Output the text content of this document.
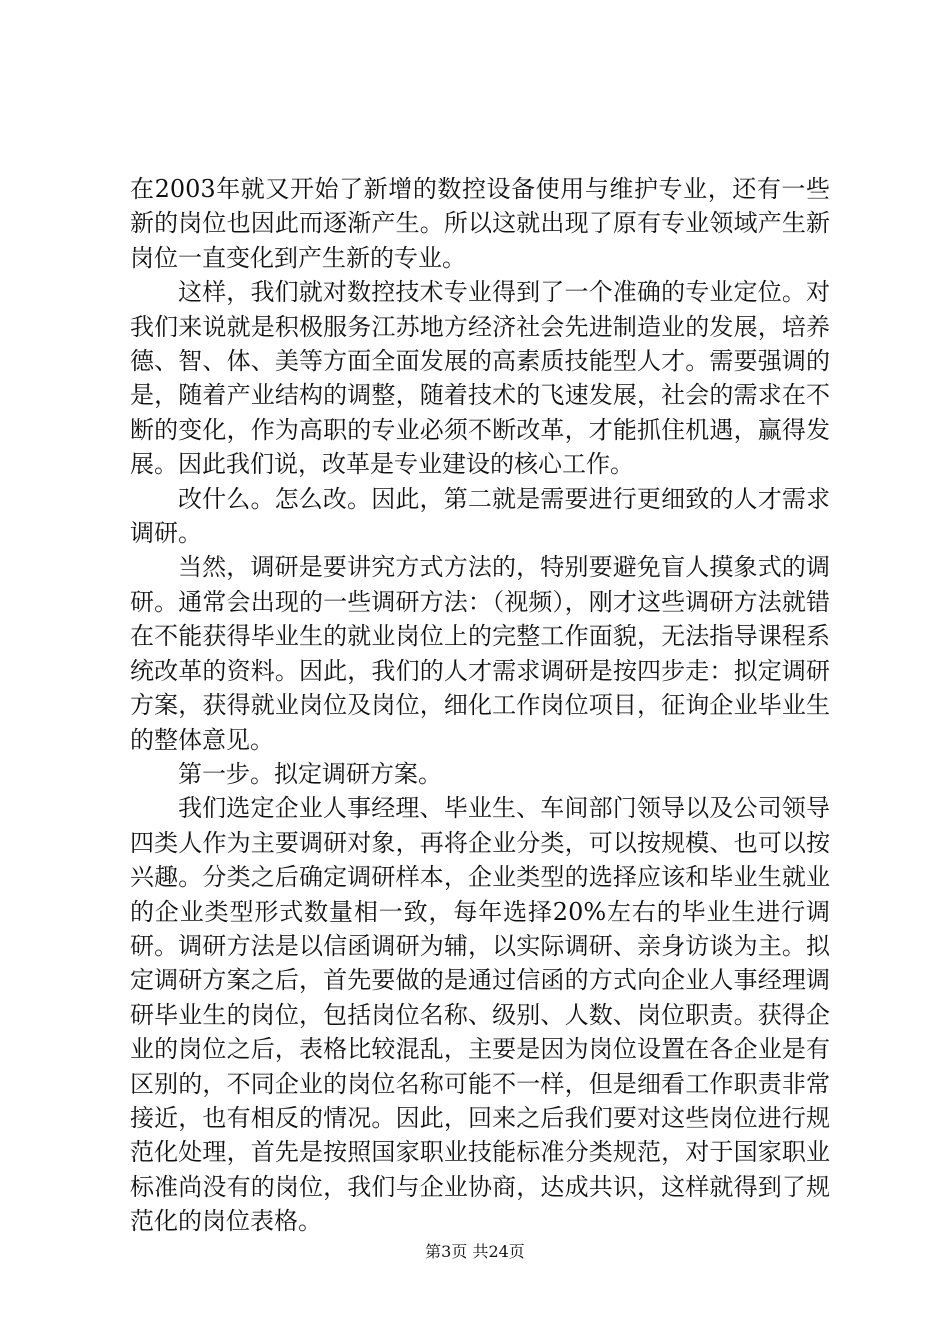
在2003年就又开始了新增的数控设备使用与维护专业，还有一些新的岗位也因此而逐渐产生。所以这就出现了原有专业领域产生新岗位一直变化到产生新的专业。

这样，我们就对数控技术专业得到了一个准确的专业定位。对我们来说就是积极服务江苏地方经济社会先进制造业的发展，培养德、智、体、美等方面全面发展的高素质技能型人才。需要强调的是，随着产业结构的调整，随着技术的飞速发展，社会的需求在不断的变化，作为高职的专业必须不断改革，才能抓住机遇，赢得发展。因此我们说，改革是专业建设的核心工作。

改什么。怎么改。因此，第二就是需要进行更细致的人才需求调研。

当然，调研是要讲究方式方法的，特别要避免盲人摸象式的调研。通常会出现的一些调研方法：（视频），刚才这些调研方法就错在不能获得毕业生的就业岗位上的完整工作面貌，无法指导课程系统改革的资料。因此，我们的人才需求调研是按四步走：拟定调研方案，获得就业岗位及岗位，细化工作岗位项目，征询企业毕业生的整体意见。

第一步。拟定调研方案。

我们选定企业人事经理、毕业生、车间部门领导以及公司领导四类人作为主要调研对象，再将企业分类，可以按规模、也可以按兴趣。分类之后确定调研样本，企业类型的选择应该和毕业生就业的企业类型形式数量相一致，每年选择20%左右的毕业生进行调研。调研方法是以信函调研为辅，以实际调研、亲身访谈为主。拟定调研方案之后，首先要做的是通过信函的方式向企业人事经理调研毕业生的岗位，包括岗位名称、级别、人数、岗位职责。获得企业的岗位之后，表格比较混乱，主要是因为岗位设置在各企业是有区别的，不同企业的岗位名称可能不一样，但是细看工作职责非常接近，也有相反的情况。因此，回来之后我们要对这些岗位进行规范化处理，首先是按照国家职业技能标准分类规范，对于国家职业标准尚没有的岗位，我们与企业协商，达成共识，这样就得到了规范化的岗位表格。

第3页 共24页
